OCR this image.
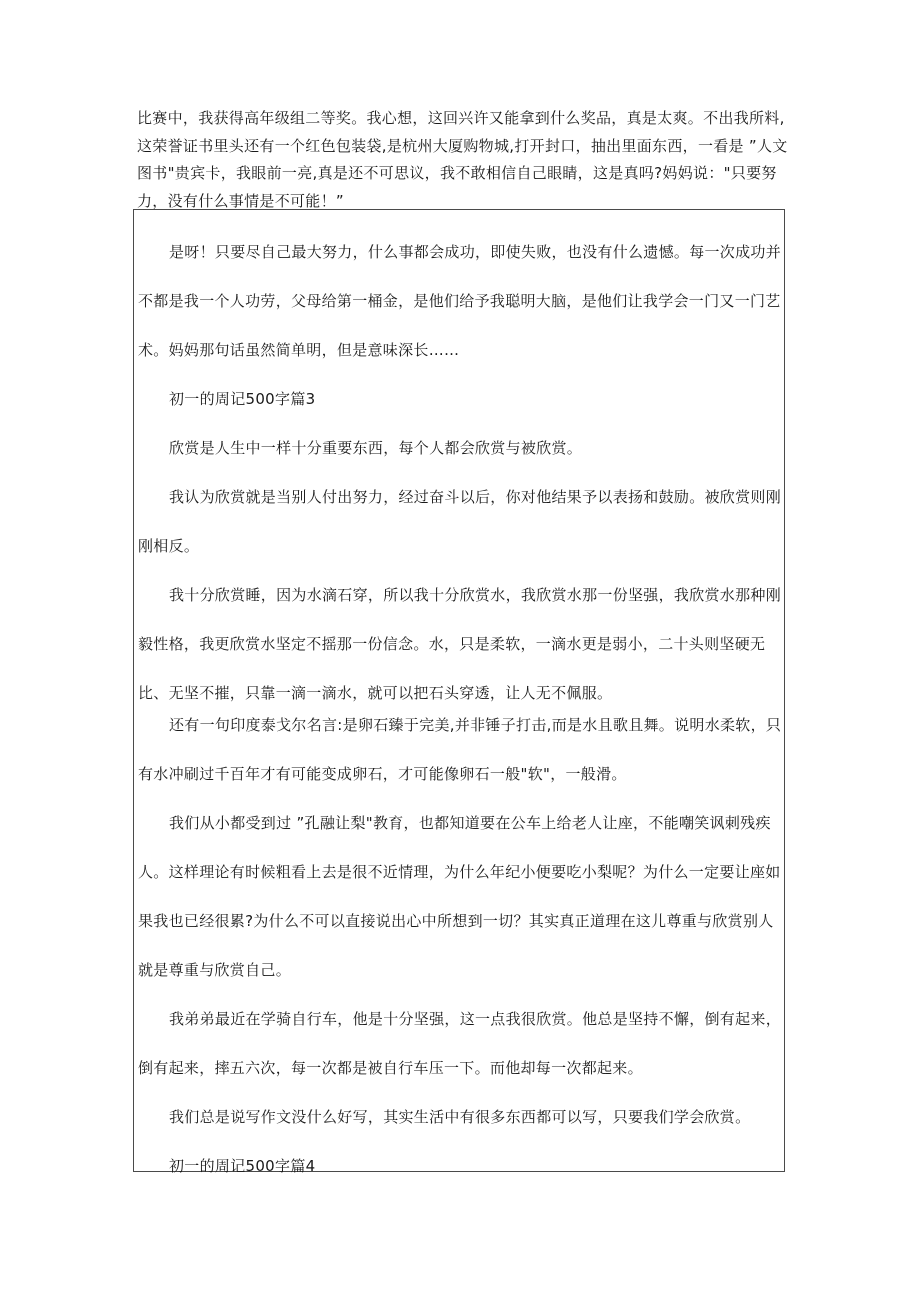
比赛中，我获得高年级组二等奖。我心想，这回兴许又能拿到什么奖品，真是太爽。不出我所料,这荣誉证书里头还有一个红色包装袋,是杭州大厦购物城,打开封口，抽出里面东西，一看是 ”人文图书"贵宾卡，我眼前一亮,真是还不可思议，我不敢相信自己眼睛，这是真吗?妈妈说："只要努力，没有什么事情是不可能！”

是呀！只要尽自己最大努力，什么事都会成功，即使失败，也没有什么遗憾。每一次成功并不都是我一个人功劳，父母给第一桶金，是他们给予我聪明大脑，是他们让我学会一门又一门艺术。妈妈那句话虽然简单明，但是意味深长……

初一的周记500字篇3

欣赏是人生中一样十分重要东西，每个人都会欣赏与被欣赏。

我认为欣赏就是当别人付出努力，经过奋斗以后，你对他结果予以表扬和鼓励。被欣赏则刚刚相反。

我十分欣赏睡，因为水滴石穿，所以我十分欣赏水，我欣赏水那一份坚强，我欣赏水那种刚毅性格，我更欣赏水坚定不摇那一份信念。水，只是柔软，一滴水更是弱小，二十头则坚硬无比、无坚不摧，只靠一滴一滴水，就可以把石头穿透，让人无不佩服。

还有一句印度泰戈尔名言:是卵石臻于完美,并非锤子打击,而是水且歌且舞。说明水柔软，只有水冲刷过千百年才有可能变成卵石，才可能像卵石一般"软"，一般滑。

我们从小都受到过 ”孔融让梨"教育，也都知道要在公车上给老人让座，不能嘲笑讽刺残疾人。这样理论有时候粗看上去是很不近情理，为什么年纪小便要吃小梨呢？为什么一定要让座如果我也已经很累?为什么不可以直接说出心中所想到一切？其实真正道理在这儿尊重与欣赏别人就是尊重与欣赏自己。

我弟弟最近在学骑自行车，他是十分坚强，这一点我很欣赏。他总是坚持不懈，倒有起来，倒有起来，摔五六次，每一次都是被自行车压一下。而他却每一次都起来。

我们总是说写作文没什么好写，其实生活中有很多东西都可以写，只要我们学会欣赏。

初一的周记500字篇4
